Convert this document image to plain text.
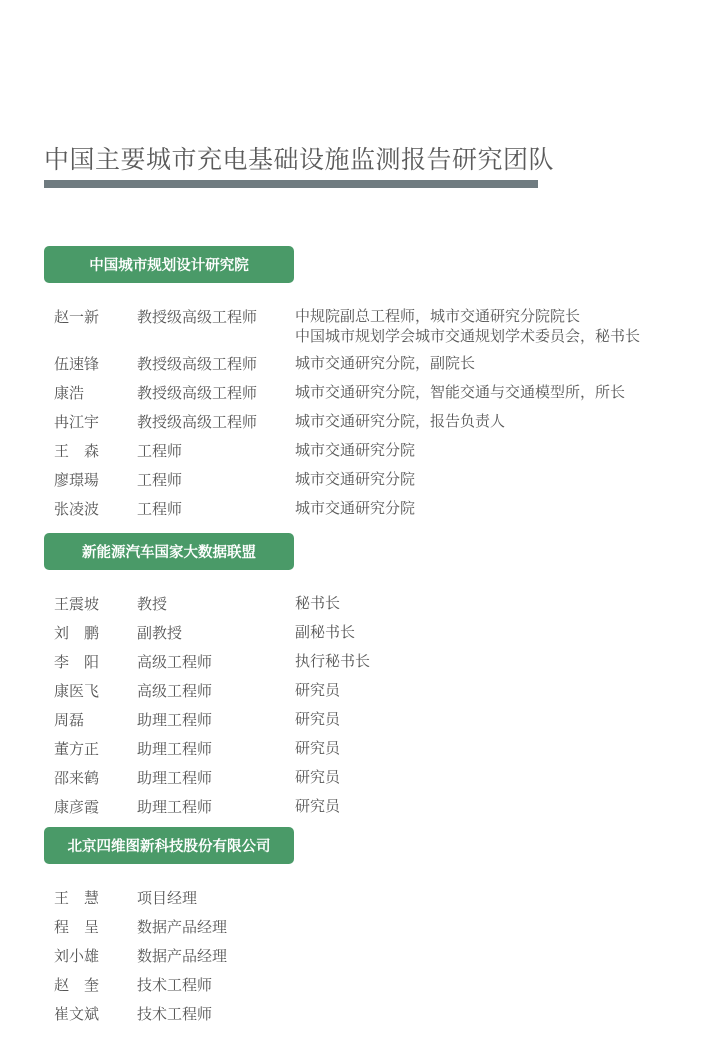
中国主要城市充电基础设施监测报告研究团队
中国城市规划设计研究院
赵一新	教授级高级工程师	中规院副总工程师，城市交通研究分院院长
中国城市规划学会城市交通规划学术委员会，秘书长
伍速锋	教授级高级工程师	城市交通研究分院，副院长
康浩	教授级高级工程师	城市交通研究分院，智能交通与交通模型所，所长
冉江宇	教授级高级工程师	城市交通研究分院，报告负责人
王　森	工程师	城市交通研究分院
廖璟瑒	工程师	城市交通研究分院
张凌波	工程师	城市交通研究分院
新能源汽车国家大数据联盟
王震坡	教授	秘书长
刘　鹏	副教授	副秘书长
李　阳	高级工程师	执行秘书长
康医飞	高级工程师	研究员
周磊	助理工程师	研究员
董方正	助理工程师	研究员
邵来鹤	助理工程师	研究员
康彦霞	助理工程师	研究员
北京四维图新科技股份有限公司
王　慧	项目经理
程　呈	数据产品经理
刘小雄	数据产品经理
赵　奎	技术工程师
崔文斌	技术工程师
